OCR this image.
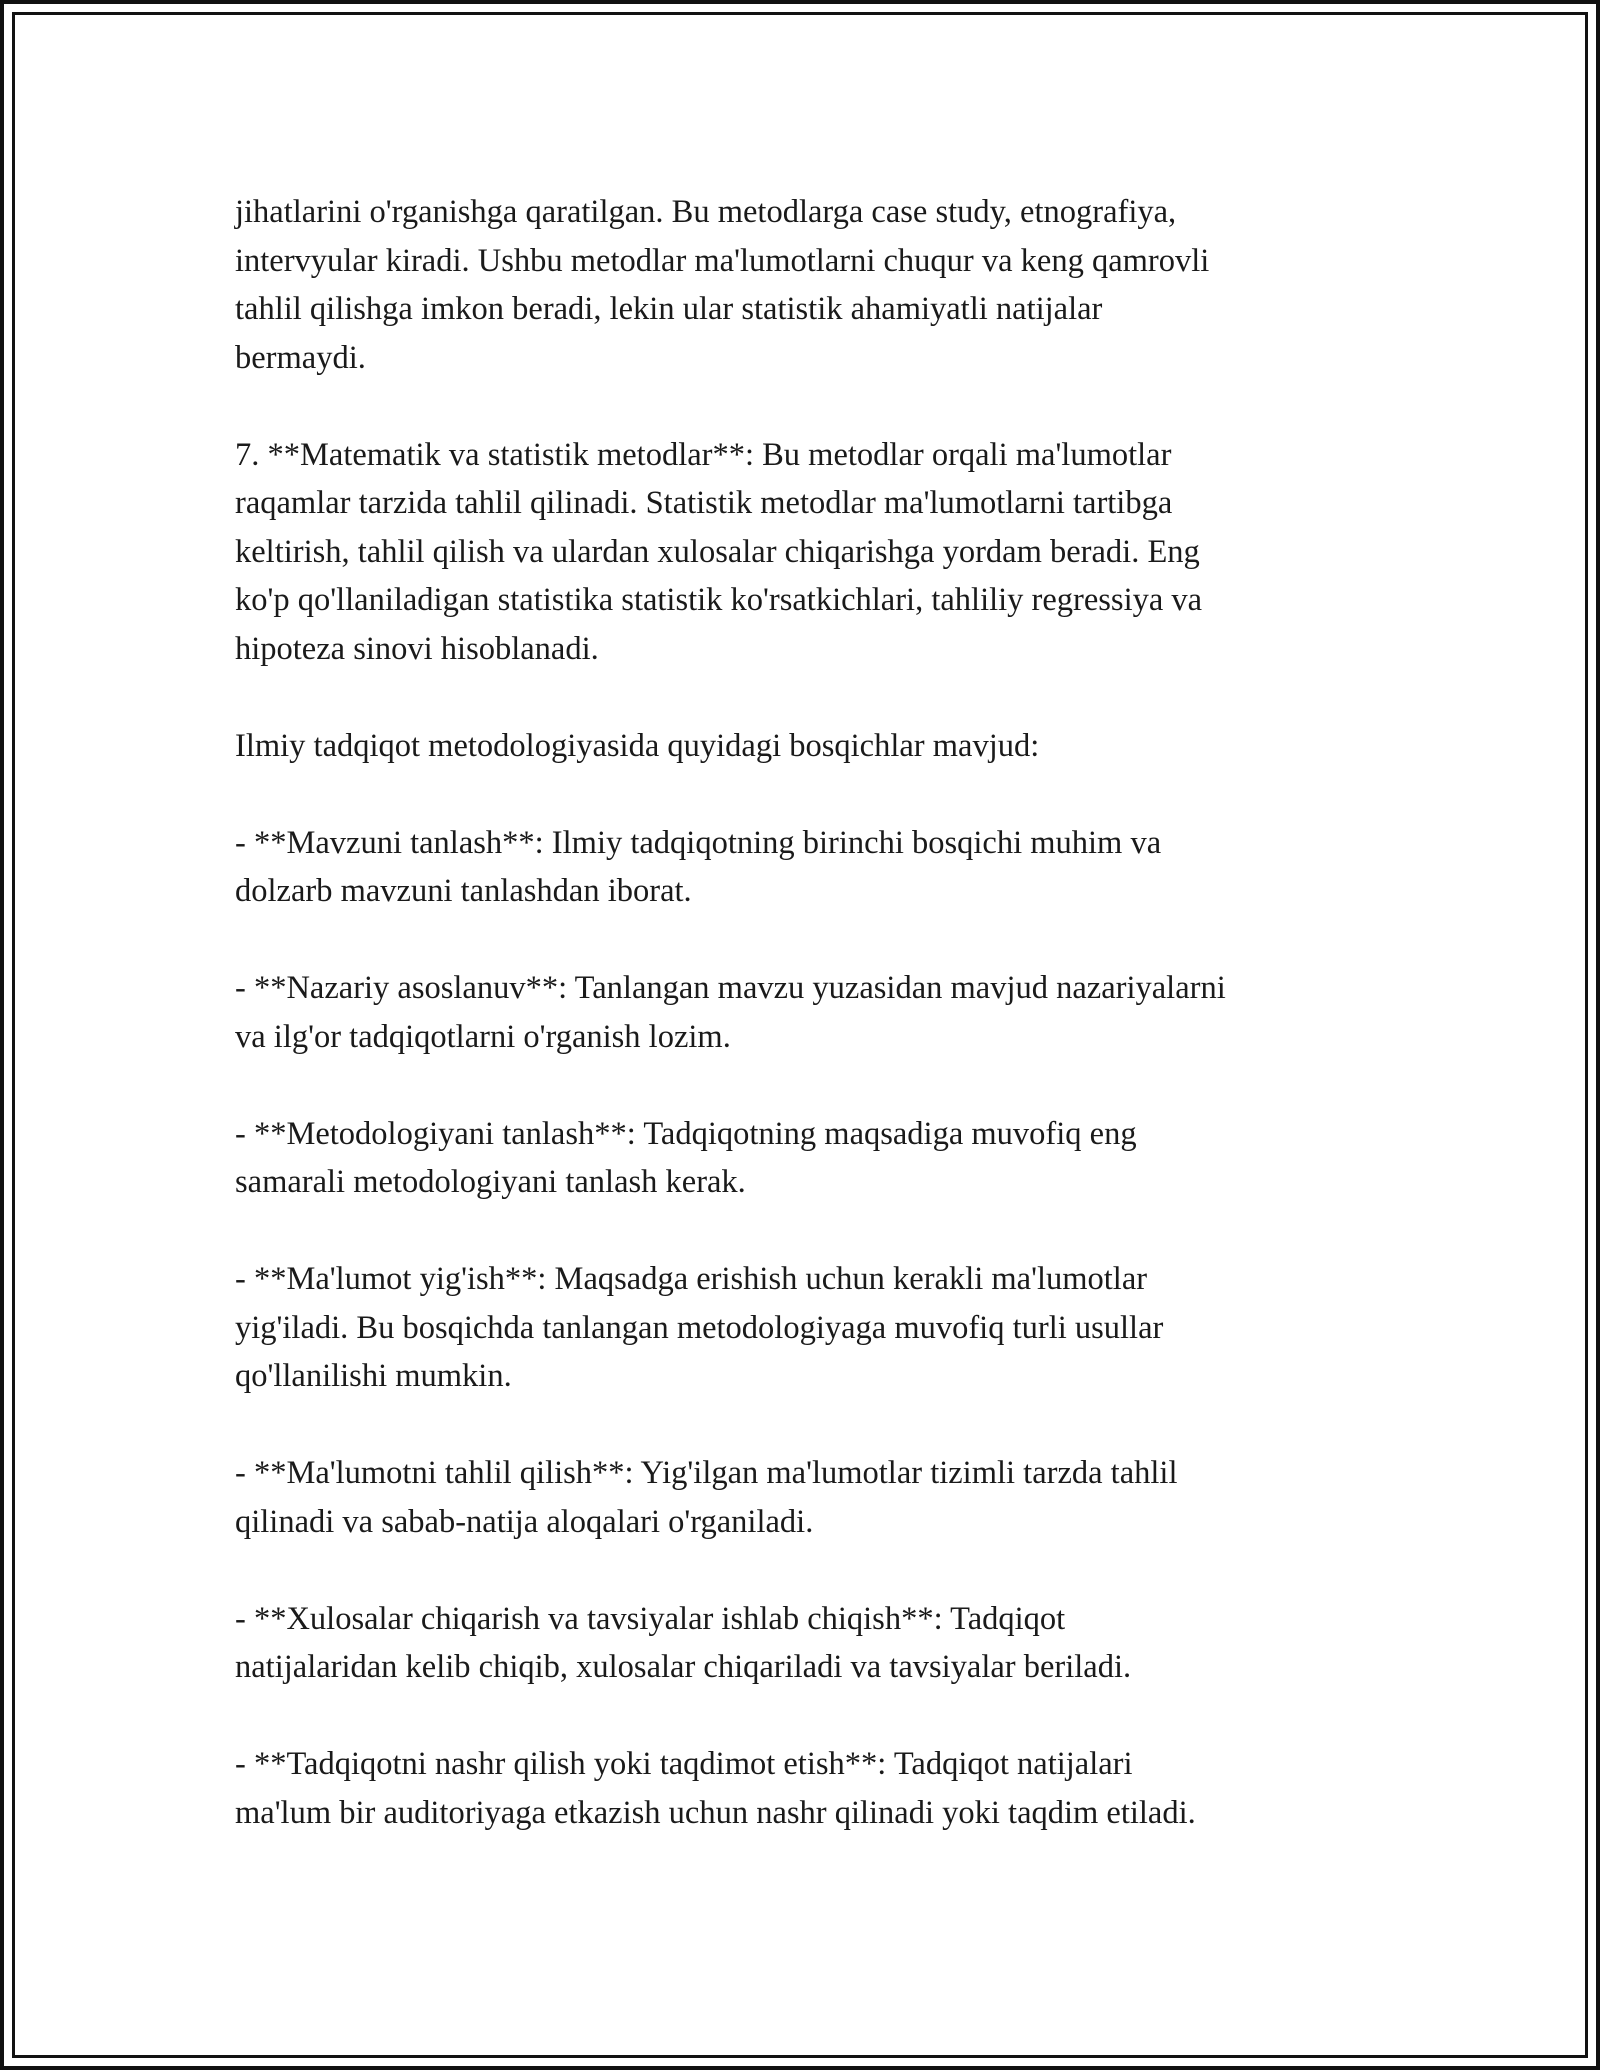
jihatlarini o'rganishga qaratilgan. Bu metodlarga case study, etnografiya,
intervyular kiradi. Ushbu metodlar ma'lumotlarni chuqur va keng qamrovli
tahlil qilishga imkon beradi, lekin ular statistik ahamiyatli natijalar
bermaydi.

7. **Matematik va statistik metodlar**: Bu metodlar orqali ma'lumotlar
raqamlar tarzida tahlil qilinadi. Statistik metodlar ma'lumotlarni tartibga
keltirish, tahlil qilish va ulardan xulosalar chiqarishga yordam beradi. Eng
ko'p qo'llaniladigan statistika statistik ko'rsatkichlari, tahliliy regressiya va
hipoteza sinovi hisoblanadi.

Ilmiy tadqiqot metodologiyasida quyidagi bosqichlar mavjud:

- **Mavzuni tanlash**: Ilmiy tadqiqotning birinchi bosqichi muhim va
dolzarb mavzuni tanlashdan iborat.

- **Nazariy asoslanuv**: Tanlangan mavzu yuzasidan mavjud nazariyalarni
va ilg'or tadqiqotlarni o'rganish lozim.

- **Metodologiyani tanlash**: Tadqiqotning maqsadiga muvofiq eng
samarali metodologiyani tanlash kerak.

- **Ma'lumot yig'ish**: Maqsadga erishish uchun kerakli ma'lumotlar
yig'iladi. Bu bosqichda tanlangan metodologiyaga muvofiq turli usullar
qo'llanilishi mumkin.

- **Ma'lumotni tahlil qilish**: Yig'ilgan ma'lumotlar tizimli tarzda tahlil
qilinadi va sabab-natija aloqalari o'rganiladi.

- **Xulosalar chiqarish va tavsiyalar ishlab chiqish**: Tadqiqot
natijalaridan kelib chiqib, xulosalar chiqariladi va tavsiyalar beriladi.

- **Tadqiqotni nashr qilish yoki taqdimot etish**: Tadqiqot natijalari
ma'lum bir auditoriyaga etkazish uchun nashr qilinadi yoki taqdim etiladi.
